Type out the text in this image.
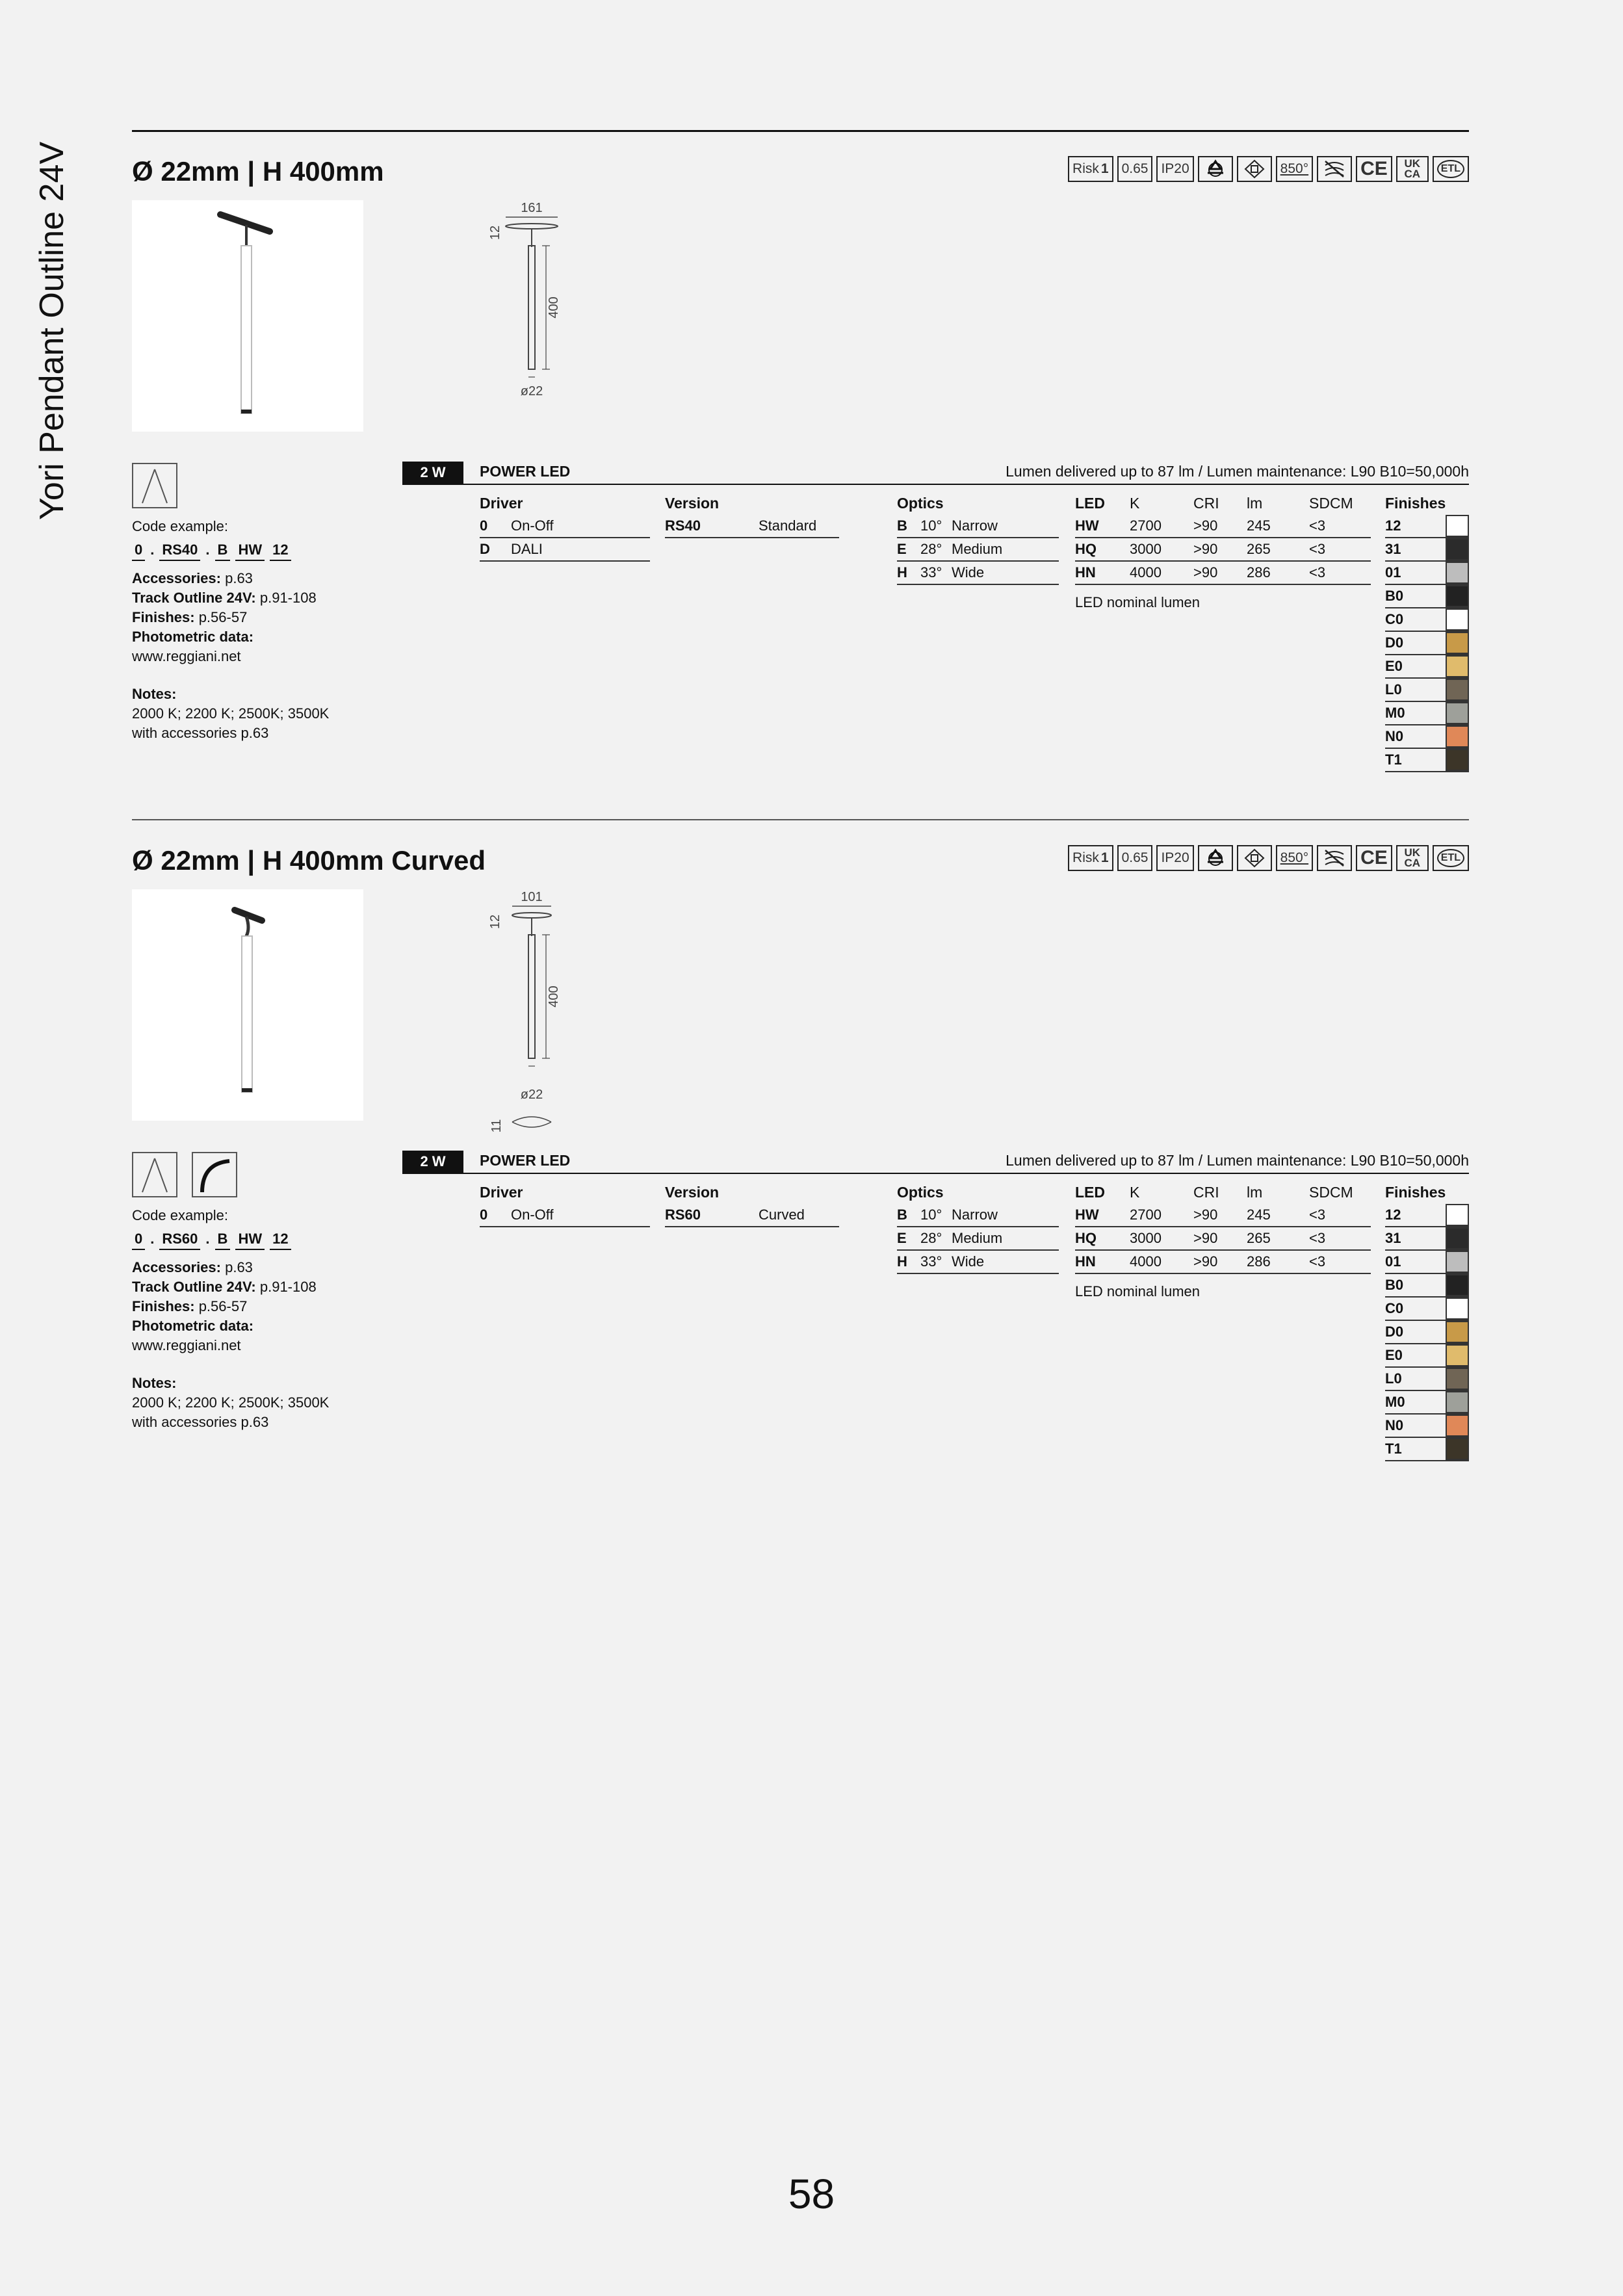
Yori Pendant Outline 24V Ø 22mm | H 400mm	Risk 1 0.65 IP20	850°	CE UK CA	ETL
161
12
400
ø22
Code example:
0 . RS40 . B HW 12
Accessories: p.63
Track Outline 24V: p.91-108
Finishes: p.56-57
Photometric data:
www.reggiani.net
Notes:
2000 K; 2200 K; 2500K; 3500K
with accessories p.63
2 W	POWER LED	Lumen delivered up to 87 lm / Lumen maintenance: L90 B10=50,000h
Driver
0	On-Off
D	DALI
Version
RS40	Standard
Optics
B 10° Narrow
E 28° Medium
H 33° Wide
LED	K	CRI	lm	SDCM
HW	2700	>90	245	<3
HQ	3000	>90	265	<3
HN	4000	>90	286	<3
LED nominal lumen
Finishes
12
31
01
B0
C0
D0
E0
L0
M0
N0
T1
Ø 22mm | H 400mm Curved	Risk 1 0.65 IP20	850°	CE UK CA	ETL
101
12
400
ø22
11
Code example:
0 . RS60 . B HW 12
Accessories: p.63
Track Outline 24V: p.91-108
Finishes: p.56-57
Photometric data:
www.reggiani.net
Notes:
2000 K; 2200 K; 2500K; 3500K
with accessories p.63
2 W	POWER LED	Lumen delivered up to 87 lm / Lumen maintenance: L90 B10=50,000h
Driver
0	On-Off
Version
RS60	Curved
Optics
B 10° Narrow
E 28° Medium
H 33° Wide
LED	K	CRI	lm	SDCM
HW	2700	>90	245	<3
HQ	3000	>90	265	<3
HN	4000	>90	286	<3
LED nominal lumen
Finishes
12
31
01
B0
C0
D0
E0
L0
M0
N0
T1
58
